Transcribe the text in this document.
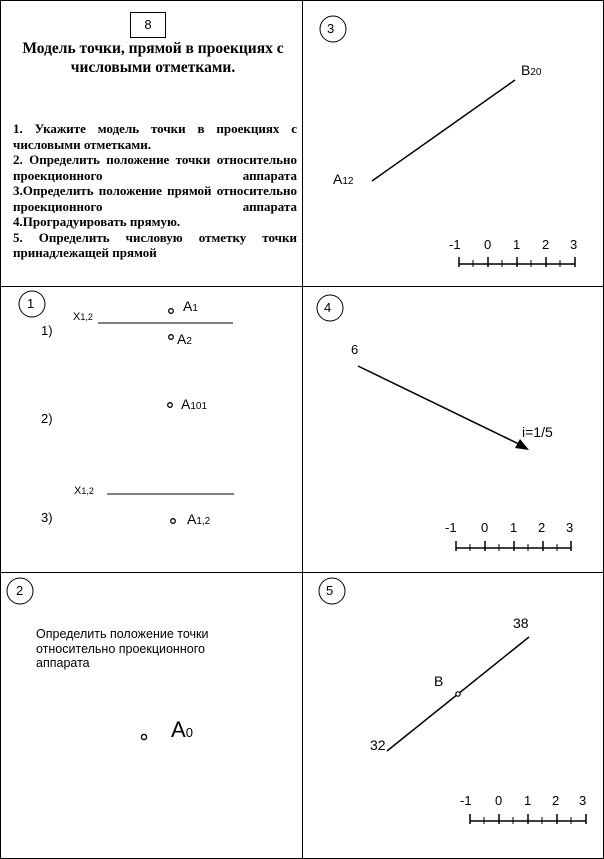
8
Модель точки, прямой в проекциях с числовыми отметками.
1. Укажите модель точки в проекциях с числовыми отметками.
2. Определить положение точки относительно проекционного аппарата
3.Определить положение прямой относительно проекционного аппарата
4.Проградуировать прямую.
5. Определить числовую отметку точки принадлежащей прямой
3
B20
A12
-1 0 1 2 3
1
1)
X1,2
A1
A2
A101
2)
X1,2
3)	A1,2
4
6
i=1/5
-1 0 1 2 3
2
A0
Определить положение точки
относительно проекционного
аппарата
5
38
B
32
-1 0 1 2 3
